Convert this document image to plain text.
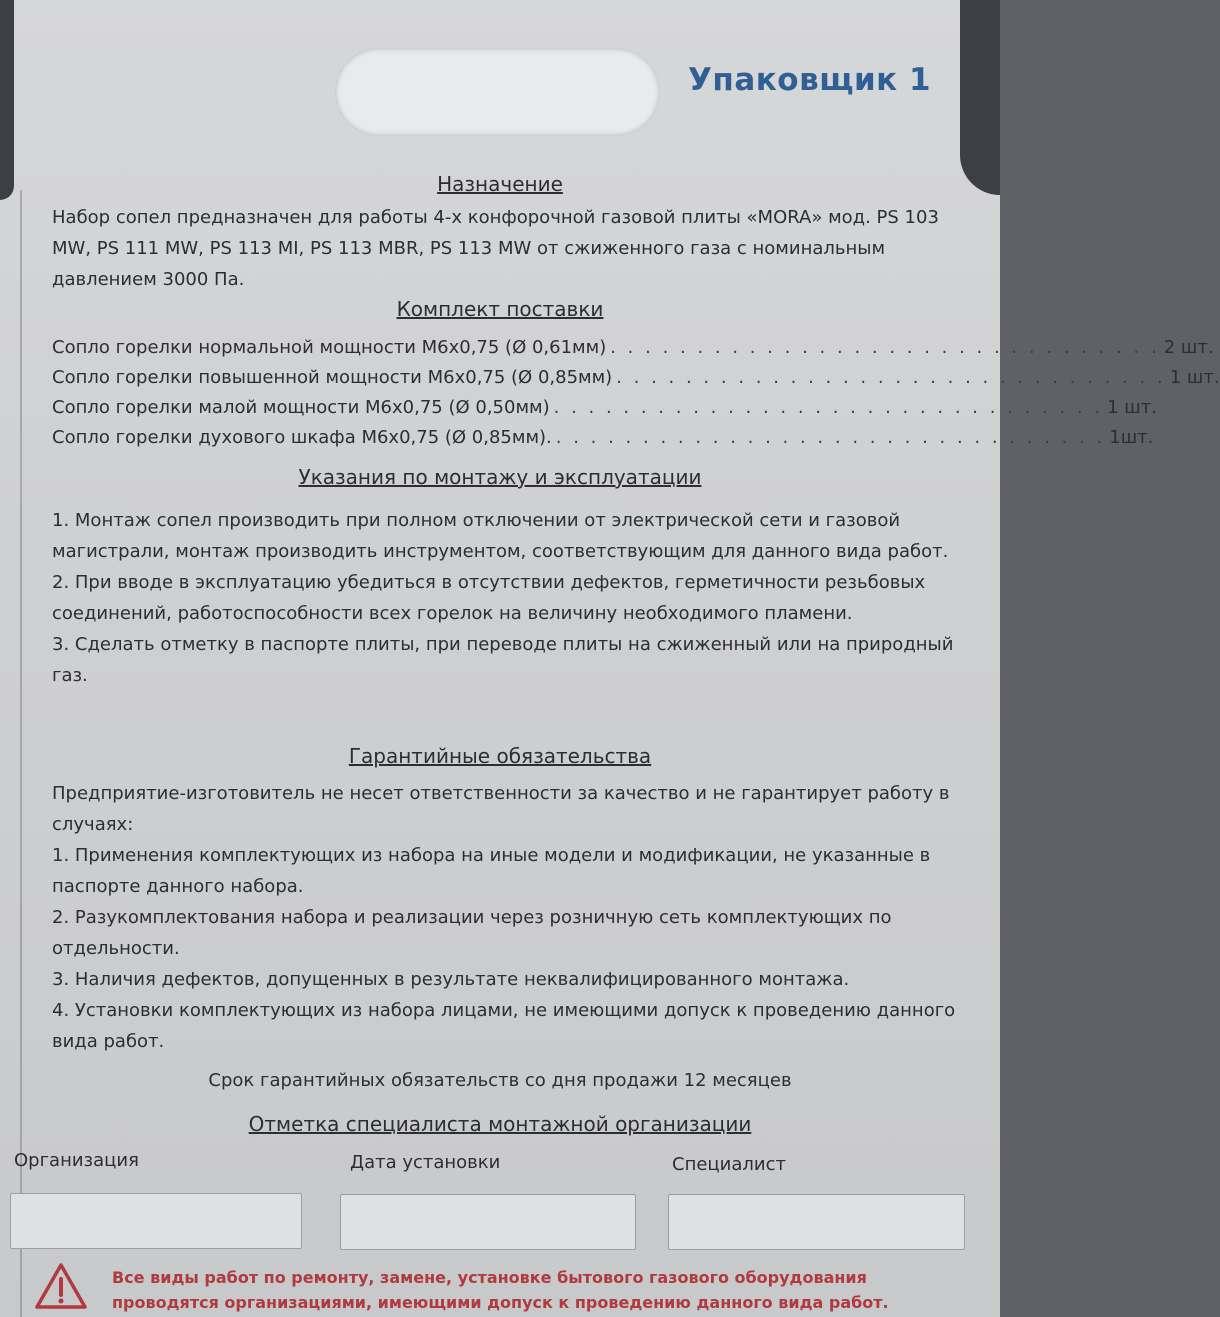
Упаковщик 1
Назначение
Набор сопел предназначен для работы 4-х конфорочной газовой плиты «MORA» мод. PS 103 MW, PS 111 MW, PS 113 MI, PS 113 MBR, PS 113 MW от сжиженного газа с номинальным давлением 3000 Па.
Комплект поставки
Сопло горелки нормальной мощности М6х0,75 (Ø 0,61мм) . . . . . . . . . . . . . . . . . . . . . . . . . . . . . . . . 2 шт.
Сопло горелки повышенной мощности М6х0,75 (Ø 0,85мм) . . . . . . . . . . . . . . . . . . . . . . . . . . . . . . . . 1 шт.
Сопло горелки малой мощности М6х0,75 (Ø 0,50мм) . . . . . . . . . . . . . . . . . . . . . . . . . . . . . . . . 1 шт.
Сопло горелки духового шкафа М6х0,75 (Ø 0,85мм). . . . . . . . . . . . . . . . . . . . . . . . . . . . . . . . . 1шт.
Указания по монтажу и эксплуатации
1. Монтаж сопел производить при полном отключении от электрической сети и газовой магистрали, монтаж производить инструментом, соответствующим для данного вида работ.
2. При вводе в эксплуатацию убедиться в отсутствии дефектов, герметичности резьбовых соединений, работоспособности всех горелок на величину необходимого пламени.
3. Сделать отметку в паспорте плиты, при переводе плиты на сжиженный или на природный газ.
Гарантийные обязательства
Предприятие-изготовитель не несет ответственности за качество и не гарантирует работу в случаях:
1. Применения комплектующих из набора на иные модели и модификации, не указанные в паспорте данного набора.
2. Разукомплектования набора и реализации через розничную сеть комплектующих по отдельности.
3. Наличия дефектов, допущенных в результате неквалифицированного монтажа.
4. Установки комплектующих из набора лицами, не имеющими допуск к проведению данного вида работ.
Срок гарантийных обязательств со дня продажи 12 месяцев
Отметка специалиста монтажной организации
Организация	Дата установки	Специалист
Все виды работ по ремонту, замене, установке бытового газового оборудования проводятся организациями, имеющими допуск к проведению данного вида работ.
